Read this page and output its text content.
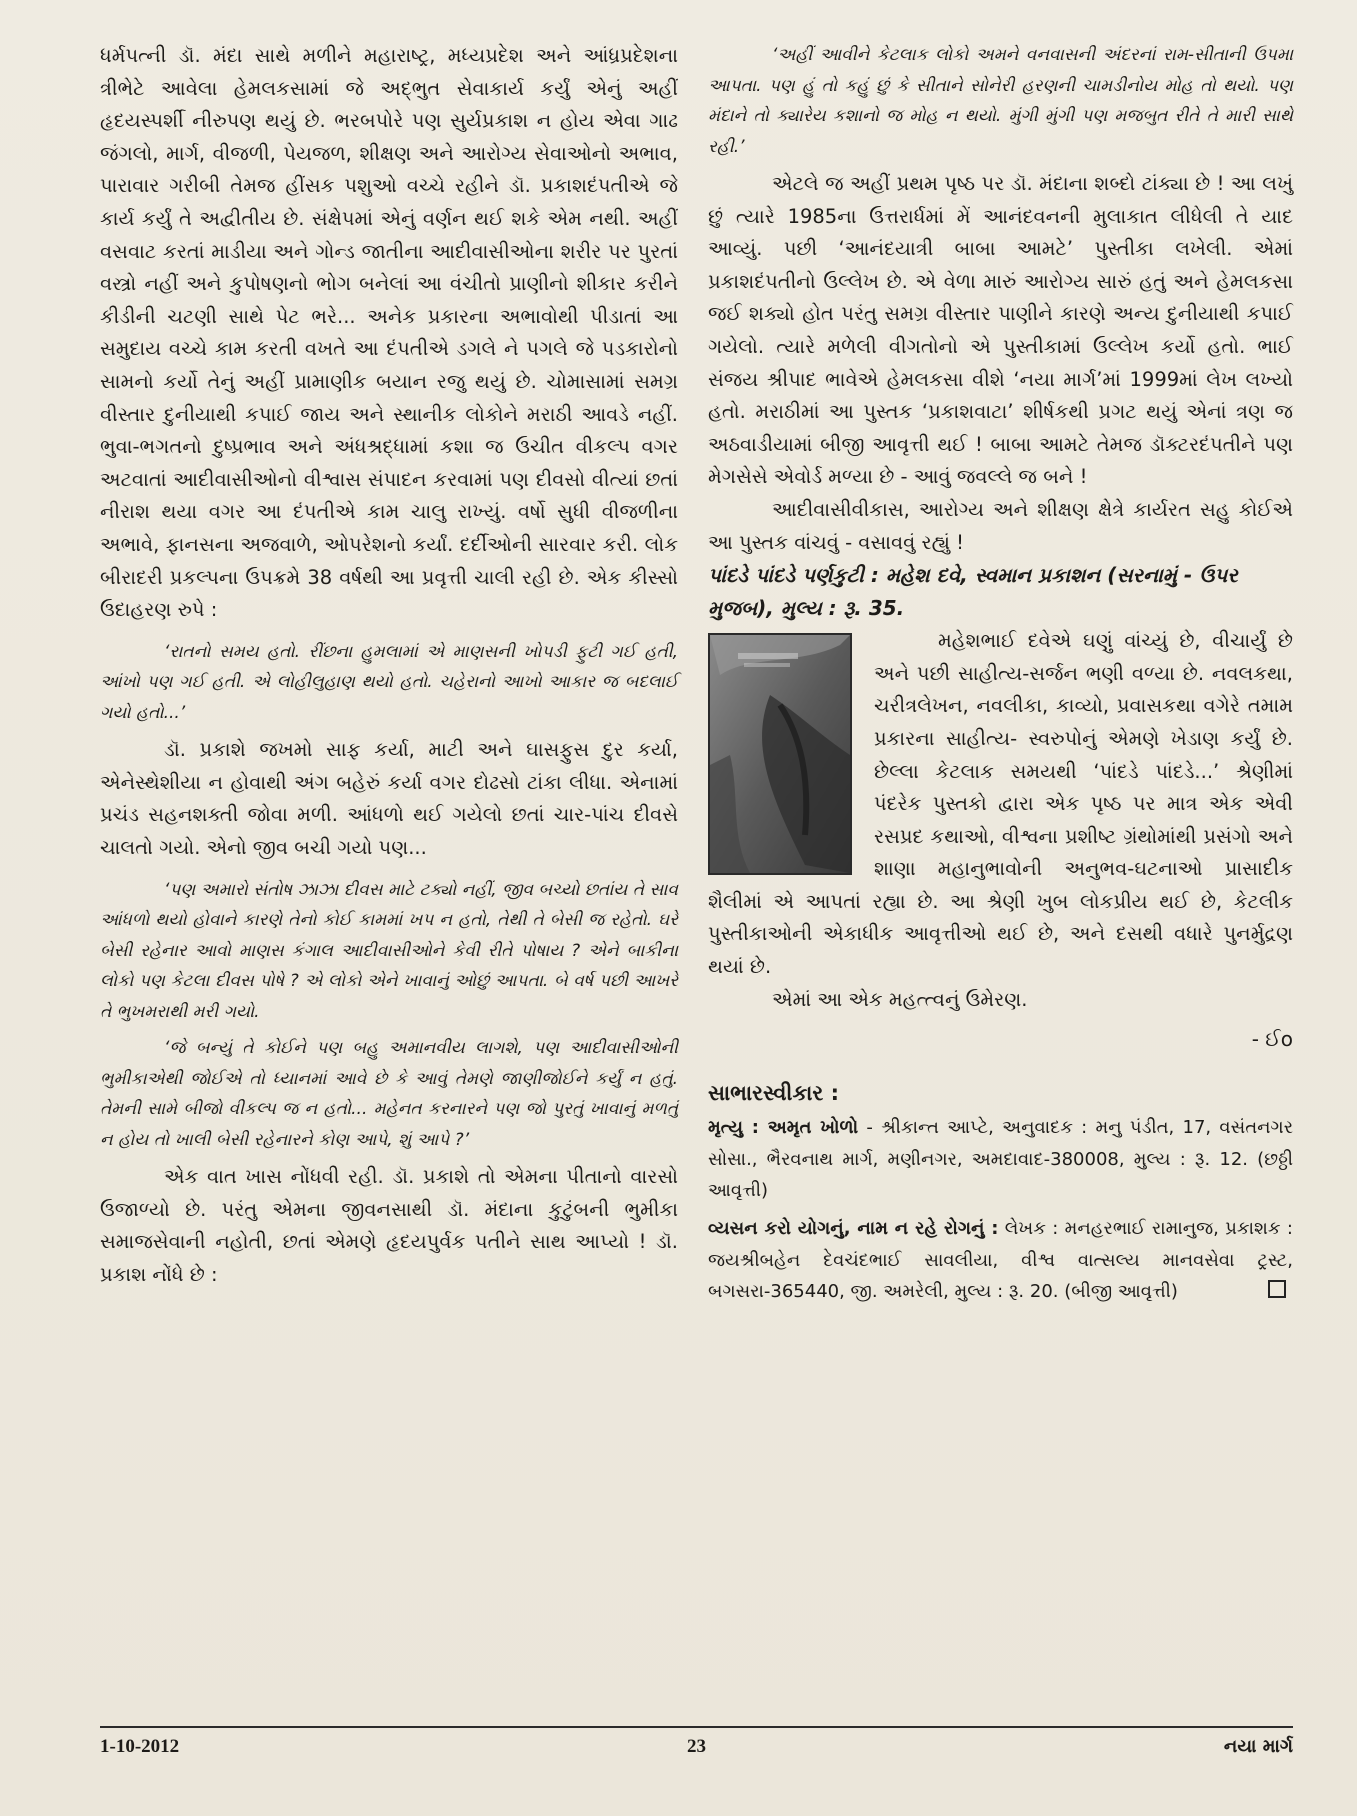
ધર્મપત્ની ડૉ. મંદા સાથે મળીને મહારાષ્ટ્ર, મધ્યપ્રદેશ અને આંધ્રપ્રદેશના ત્રીભેટે આવેલા હેમલકસામાં જે અદ્ભુત સેવાકાર્ય કર્યું એનું અહીં હૃદયસ્પર્શી નીરુપણ થયું છે. ભરબપોરે પણ સુર્યપ્રકાશ ન હોય એવા ગાઢ જંગલો, માર્ગ, વીજળી, પેયજળ, શીક્ષણ અને આરોગ્ય સેવાઓનો અભાવ, પારાવાર ગરીબી તેમજ હીંસક પશુઓ વચ્ચે રહીને ડૉ. પ્રકાશદંપતીએ જે કાર્ય કર્યું તે અદ્વીતીય છે. સંક્ષેપમાં એનું વર્ણન થઈ શકે એમ નથી. અહીં વસવાટ કરતાં માડીયા અને ગોન્ડ જાતીના આદીવાસીઓના શરીર પર પુરતાં વસ્ત્રો નહીં અને કુપોષણનો ભોગ બનેલાં આ વંચીતો પ્રાણીનો શીકાર કરીને કીડીની ચટણી સાથે પેટ ભરે... અનેક પ્રકારના અભાવોથી પીડાતાં આ સમુદાય વચ્ચે કામ કરતી વખતે આ દંપતીએ ડગલે ને પગલે જે પડકારોનો સામનો કર્યો તેનું અહીં પ્રામાણીક બયાન રજુ થયું છે. ચોમાસામાં સમગ્ર વીસ્તાર દુનીયાથી કપાઈ જાય અને સ્થાનીક લોકોને મરાઠી આવડે નહીં. ભુવા-ભગતનો દુષ્પ્રભાવ અને અંધશ્રદ્ધામાં કશા જ ઉચીત વીકલ્પ વગર અટવાતાં આદીવાસીઓનો વીશ્વાસ સંપાદન કરવામાં પણ દીવસો વીત્યાં છતાં નીરાશ થયા વગર આ દંપતીએ કામ ચાલુ રાખ્યું. વર્ષો સુધી વીજળીના અભાવે, ફાનસના અજવાળે, ઓપરેશનો કર્યાં. દર્દીઓની સારવાર કરી. લોક બીરાદરી પ્રકલ્પના ઉપક્રમે 38 વર્ષથી આ પ્રવૃત્તી ચાલી રહી છે. એક કીસ્સો ઉદાહરણ રુપે :

‘રાતનો સમય હતો. રીંછના હુમલામાં એ માણસની ખોપડી ફુટી ગઈ હતી, આંખો પણ ગઈ હતી. એ લોહીલુહાણ થયો હતો. ચહેરાનો આખો આકાર જ બદલાઈ ગયો હતો...’

ડૉ. પ્રકાશે જખમો સાફ કર્યા, માટી અને ઘાસફુસ દુર કર્યા, એનેસ્થેશીયા ન હોવાથી અંગ બહેરું કર્યા વગર દોઢસો ટાંકા લીધા. એનામાં પ્રચંડ સહનશક્તી જોવા મળી. આંધળો થઈ ગયેલો છતાં ચાર-પાંચ દીવસે ચાલતો ગયો. એનો જીવ બચી ગયો પણ...

‘પણ અમારો સંતોષ ઝાઝા દીવસ માટે ટક્યો નહીં, જીવ બચ્યો છતાંય તે સાવ આંધળો થયો હોવાને કારણે તેનો કોઈ કામમાં ખપ ન હતો, તેથી તે બેસી જ રહેતો. ઘરે બેસી રહેનાર આવો માણસ કંગાલ આદીવાસીઓને કેવી રીતે પોષાય ? એને બાકીના લોકો પણ કેટલા દીવસ પોષે ? એ લોકો એને ખાવાનું ઓછું આપતા. બે વર્ષ પછી આખરે તે ભુખમરાથી મરી ગયો.

‘જે બન્યું તે કોઈને પણ બહુ અમાનવીય લાગશે, પણ આદીવાસીઓની ભુમીકાએથી જોઈએ તો ધ્યાનમાં આવે છે કે આવું તેમણે જાણીજોઈને કર્યું ન હતું. તેમની સામે બીજો વીકલ્પ જ ન હતો... મહેનત કરનારને પણ જો પુરતું ખાવાનું મળતું ન હોય તો ખાલી બેસી રહેનારને કોણ આપે, શું આપે ?’

એક વાત ખાસ નોંધવી રહી. ડૉ. પ્રકાશે તો એમના પીતાનો વારસો ઉજાળ્યો છે. પરંતુ એમના જીવનસાથી ડૉ. મંદાના કુટુંબની ભુમીકા સમાજસેવાની નહોતી, છતાં એમણે હૃદયપુર્વક પતીને સાથ આપ્યો ! ડૉ. પ્રકાશ નોંધે છે :

‘અહીં આવીને કેટલાક લોકો અમને વનવાસની અંદરનાં રામ-સીતાની ઉપમા આપતા. પણ હું તો કહું છું કે સીતાને સોનેરી હરણની ચામડીનોય મોહ તો થયો. પણ મંદાને તો ક્યારેય કશાનો જ મોહ ન થયો. મુંગી મુંગી પણ મજબુત રીતે તે મારી સાથે રહી.’

એટલે જ અહીં પ્રથમ પૃષ્ઠ પર ડૉ. મંદાના શબ્દો ટાંક્યા છે ! આ લખું છું ત્યારે 1985ના ઉત્તરાર્ધમાં મેં આનંદવનની મુલાકાત લીધેલી તે યાદ આવ્યું. પછી ‘આનંદયાત્રી બાબા આમટે’ પુસ્તીકા લખેલી. એમાં પ્રકાશદંપતીનો ઉલ્લેખ છે. એ વેળા મારું આરોગ્ય સારું હતું અને હેમલકસા જઈ શક્યો હોત પરંતુ સમગ્ર વીસ્તાર પાણીને કારણે અન્ય દુનીયાથી કપાઈ ગયેલો. ત્યારે મળેલી વીગતોનો એ પુસ્તીકામાં ઉલ્લેખ કર્યો હતો. ભાઈ સંજય શ્રીપાદ ભાવેએ હેમલકસા વીશે ‘નયા માર્ગ’માં 1999માં લેખ લખ્યો હતો. મરાઠીમાં આ પુસ્તક ‘પ્રકાશવાટા’ શીર્ષકથી પ્રગટ થયું એનાં ત્રણ જ અઠવાડીયામાં બીજી આવૃત્તી થઈ ! બાબા આમટે તેમજ ડૉક્ટરદંપતીને પણ મેગસેસે એવોર્ડ મળ્યા છે - આવું જવલ્લે જ બને !

આદીવાસીવીકાસ, આરોગ્ય અને શીક્ષણ ક્ષેત્રે કાર્યરત સહુ કોઈએ આ પુસ્તક વાંચવું - વસાવવું રહ્યું !

પાંદડે પાંદડે પર્ણકુટી : મહેશ દવે, સ્વમાન પ્રકાશન (સરનામું - ઉપર મુજબ), મુલ્ય : રૂ. 35.

મહેશભાઈ દવેએ ઘણું વાંચ્યું છે, વીચાર્યું છે અને પછી સાહીત્ય-સર્જન ભણી વળ્યા છે. નવલકથા, ચરીત્રલેખન, નવલીકા, કાવ્યો, પ્રવાસકથા વગેરે તમામ પ્રકારના સાહીત્ય- સ્વરુપોનું એમણે ખેડાણ કર્યું છે. છેલ્લા કેટલાક સમયથી ‘પાંદડે પાંદડે...’ શ્રેણીમાં પંદરેક પુસ્તકો દ્વારા એક પૃષ્ઠ પર માત્ર એક એવી રસપ્રદ કથાઓ, વીશ્વના પ્રશીષ્ટ ગ્રંથોમાંથી પ્રસંગો અને શાણા મહાનુભાવોની અનુભવ-ઘટનાઓ પ્રાસાદીક શૈલીમાં એ આપતાં રહ્યા છે. આ શ્રેણી ખુબ લોકપ્રીય થઈ છે, કેટલીક પુસ્તીકાઓની એકાધીક આવૃત્તીઓ થઈ છે, અને દસથી વધારે પુનર્મુદ્રણ થયાં છે.

એમાં આ એક મહત્ત્વનું ઉમેરણ.

- ઈo

સાભારસ્વીકાર :

મૃત્યુ : અમૃત ખોળો - શ્રીકાન્ત આપ્ટે, અનુવાદક : મનુ પંડીત, 17, વસંતનગર સોસા., ભૈરવનાથ માર્ગ, મણીનગર, અમદાવાદ-380008, મુલ્ય : રૂ. 12. (છઠ્ઠી આવૃત્તી)

વ્યસન કરો યોગનું, નામ ન રહે રોગનું : લેખક : મનહરભાઈ રામાનુજ, પ્રકાશક : જયશ્રીબહેન દેવચંદભાઈ સાવલીયા, વીશ્વ વાત્સલ્ય માનવસેવા ટ્રસ્ટ, બગસરા-365440, જી. અમરેલી, મુલ્ય : રૂ. 20. (બીજી આવૃત્તી)

1-10-2012	23	નયા માર્ગ
